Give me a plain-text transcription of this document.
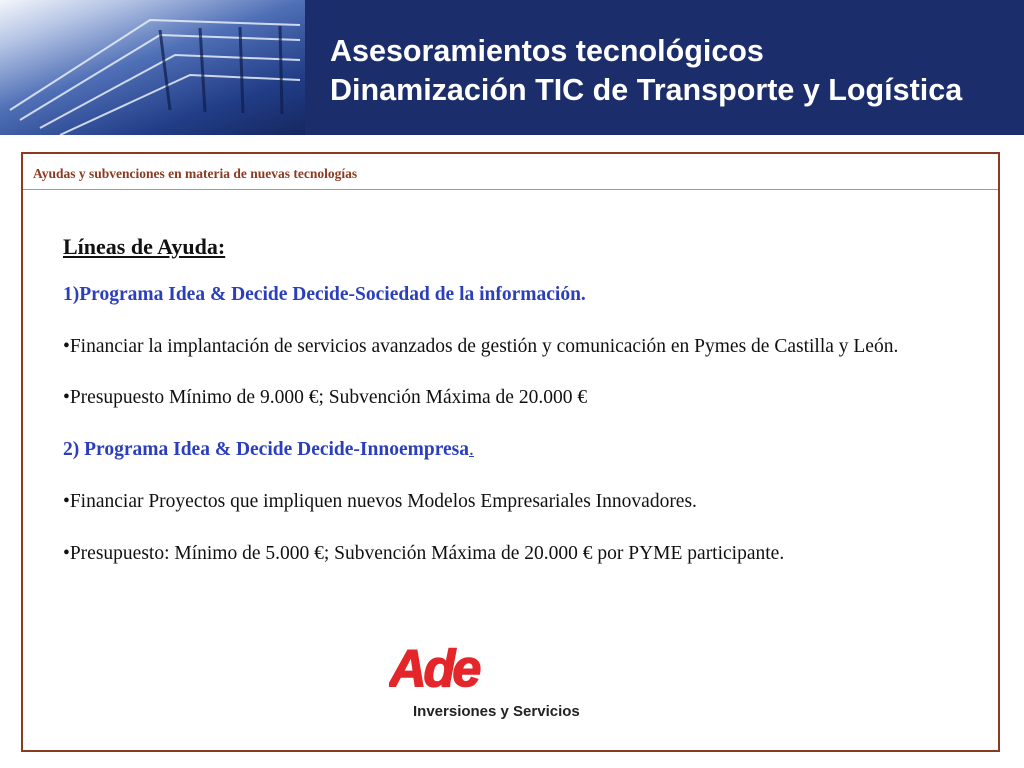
Asesoramientos tecnológicos
Dinamización TIC de Transporte y Logística
Ayudas y subvenciones en materia de nuevas tecnologías

Líneas de Ayuda:

1)Programa Idea & Decide Decide-Sociedad de la información.

•Financiar la implantación de servicios avanzados de gestión y comunicación en Pymes de Castilla y León.

•Presupuesto Mínimo de 9.000 €; Subvención Máxima de 20.000 €

2) Programa Idea & Decide Decide-Innoempresa.

•Financiar Proyectos que impliquen nuevos Modelos Empresariales Innovadores.

•Presupuesto: Mínimo de 5.000 €; Subvención Máxima de 20.000 € por PYME participante.

Ade
Inversiones y Servicios
